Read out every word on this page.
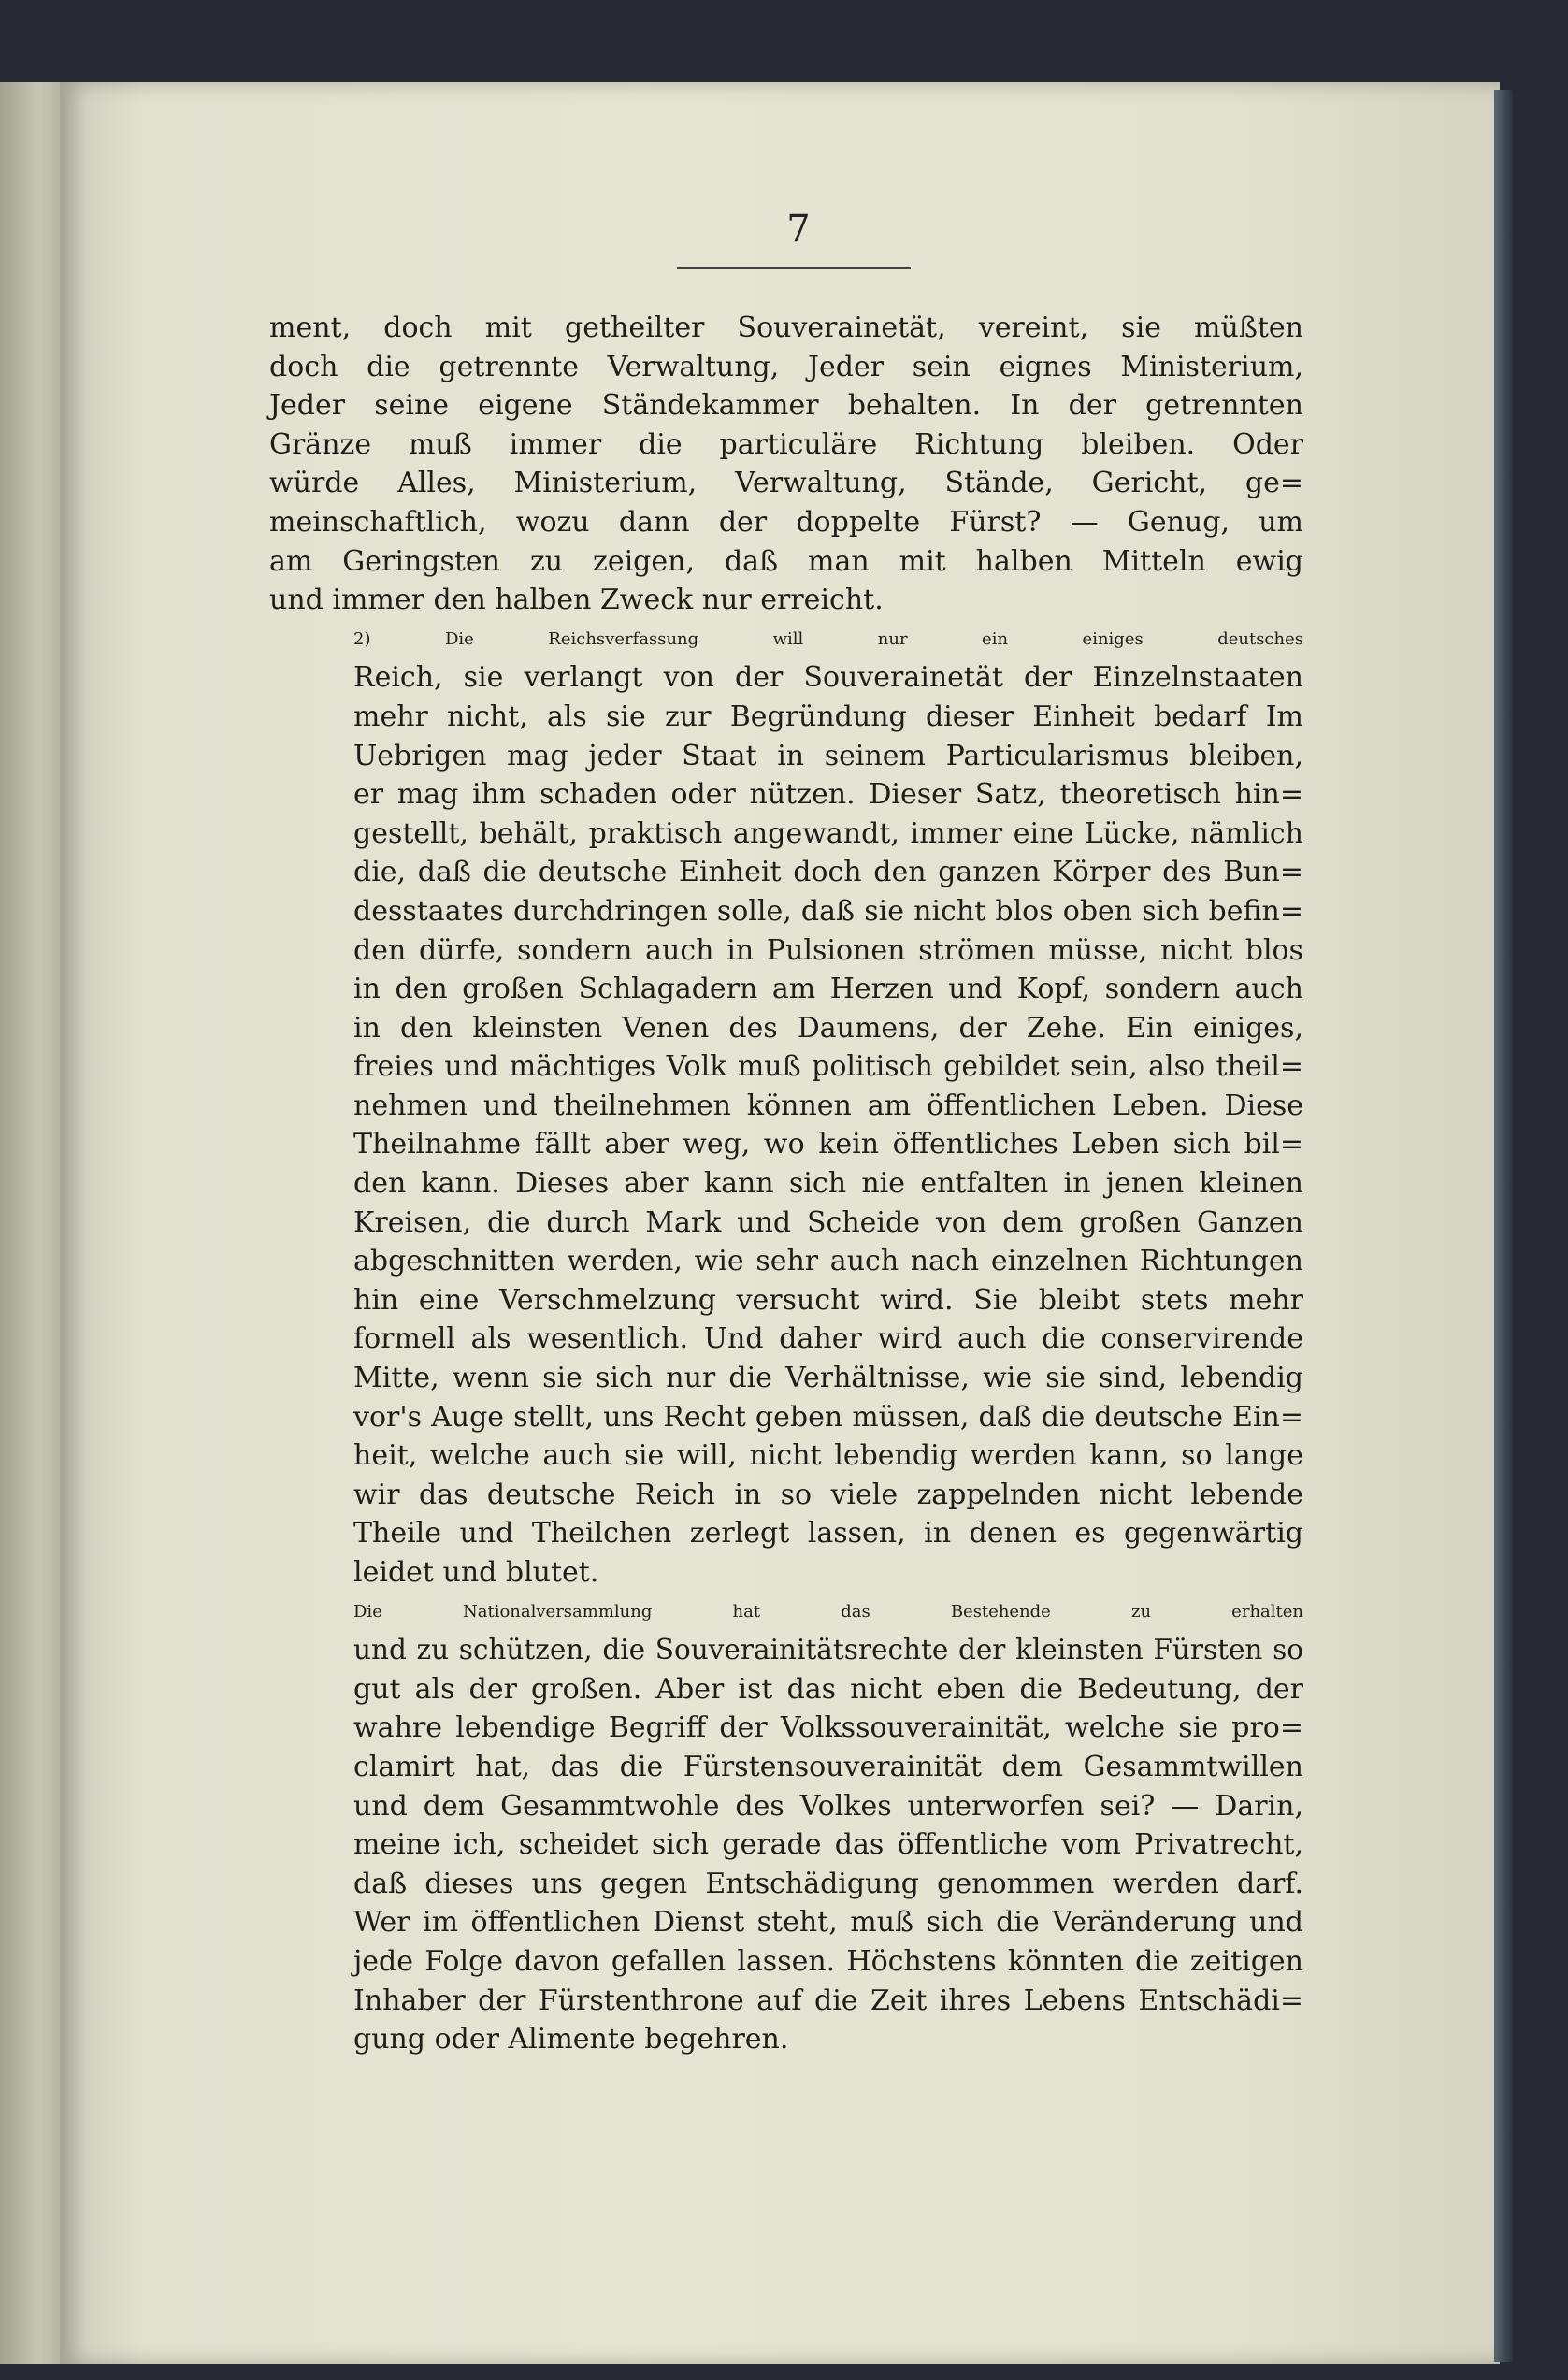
7

ment, doch mit getheilter Souverainetät, vereint, sie müßten
doch die getrennte Verwaltung, Jeder sein eignes Ministerium,
Jeder seine eigene Ständekammer behalten. In der getrennten
Gränze muß immer die particuläre Richtung bleiben. Oder
würde Alles, Ministerium, Verwaltung, Stände, Gericht, ge=
meinschaftlich, wozu dann der doppelte Fürst? — Genug, um
am Geringsten zu zeigen, daß man mit halben Mitteln ewig
und immer den halben Zweck nur erreicht.

2) Die Reichsverfassung will nur ein einiges deutsches
Reich, sie verlangt von der Souverainetät der Einzelnstaaten
mehr nicht, als sie zur Begründung dieser Einheit bedarf Im
Uebrigen mag jeder Staat in seinem Particularismus bleiben,
er mag ihm schaden oder nützen. Dieser Satz, theoretisch hin=
gestellt, behält, praktisch angewandt, immer eine Lücke, nämlich
die, daß die deutsche Einheit doch den ganzen Körper des Bun=
desstaates durchdringen solle, daß sie nicht blos oben sich befin=
den dürfe, sondern auch in Pulsionen strömen müsse, nicht blos
in den großen Schlagadern am Herzen und Kopf, sondern auch
in den kleinsten Venen des Daumens, der Zehe. Ein einiges,
freies und mächtiges Volk muß politisch gebildet sein, also theil=
nehmen und theilnehmen können am öffentlichen Leben. Diese
Theilnahme fällt aber weg, wo kein öffentliches Leben sich bil=
den kann. Dieses aber kann sich nie entfalten in jenen kleinen
Kreisen, die durch Mark und Scheide von dem großen Ganzen
abgeschnitten werden, wie sehr auch nach einzelnen Richtungen
hin eine Verschmelzung versucht wird. Sie bleibt stets mehr
formell als wesentlich. Und daher wird auch die conservirende
Mitte, wenn sie sich nur die Verhältnisse, wie sie sind, lebendig
vor's Auge stellt, uns Recht geben müssen, daß die deutsche Ein=
heit, welche auch sie will, nicht lebendig werden kann, so lange
wir das deutsche Reich in so viele zappelnden nicht lebende
Theile und Theilchen zerlegt lassen, in denen es gegenwärtig
leidet und blutet.

Die Nationalversammlung hat das Bestehende zu erhalten
und zu schützen, die Souverainitätsrechte der kleinsten Fürsten so
gut als der großen. Aber ist das nicht eben die Bedeutung, der
wahre lebendige Begriff der Volkssouverainität, welche sie pro=
clamirt hat, das die Fürstensouverainität dem Gesammtwillen
und dem Gesammtwohle des Volkes unterworfen sei? — Darin,
meine ich, scheidet sich gerade das öffentliche vom Privatrecht,
daß dieses uns gegen Entschädigung genommen werden darf.
Wer im öffentlichen Dienst steht, muß sich die Veränderung und
jede Folge davon gefallen lassen. Höchstens könnten die zeitigen
Inhaber der Fürstenthrone auf die Zeit ihres Lebens Entschädi=
gung oder Alimente begehren.
